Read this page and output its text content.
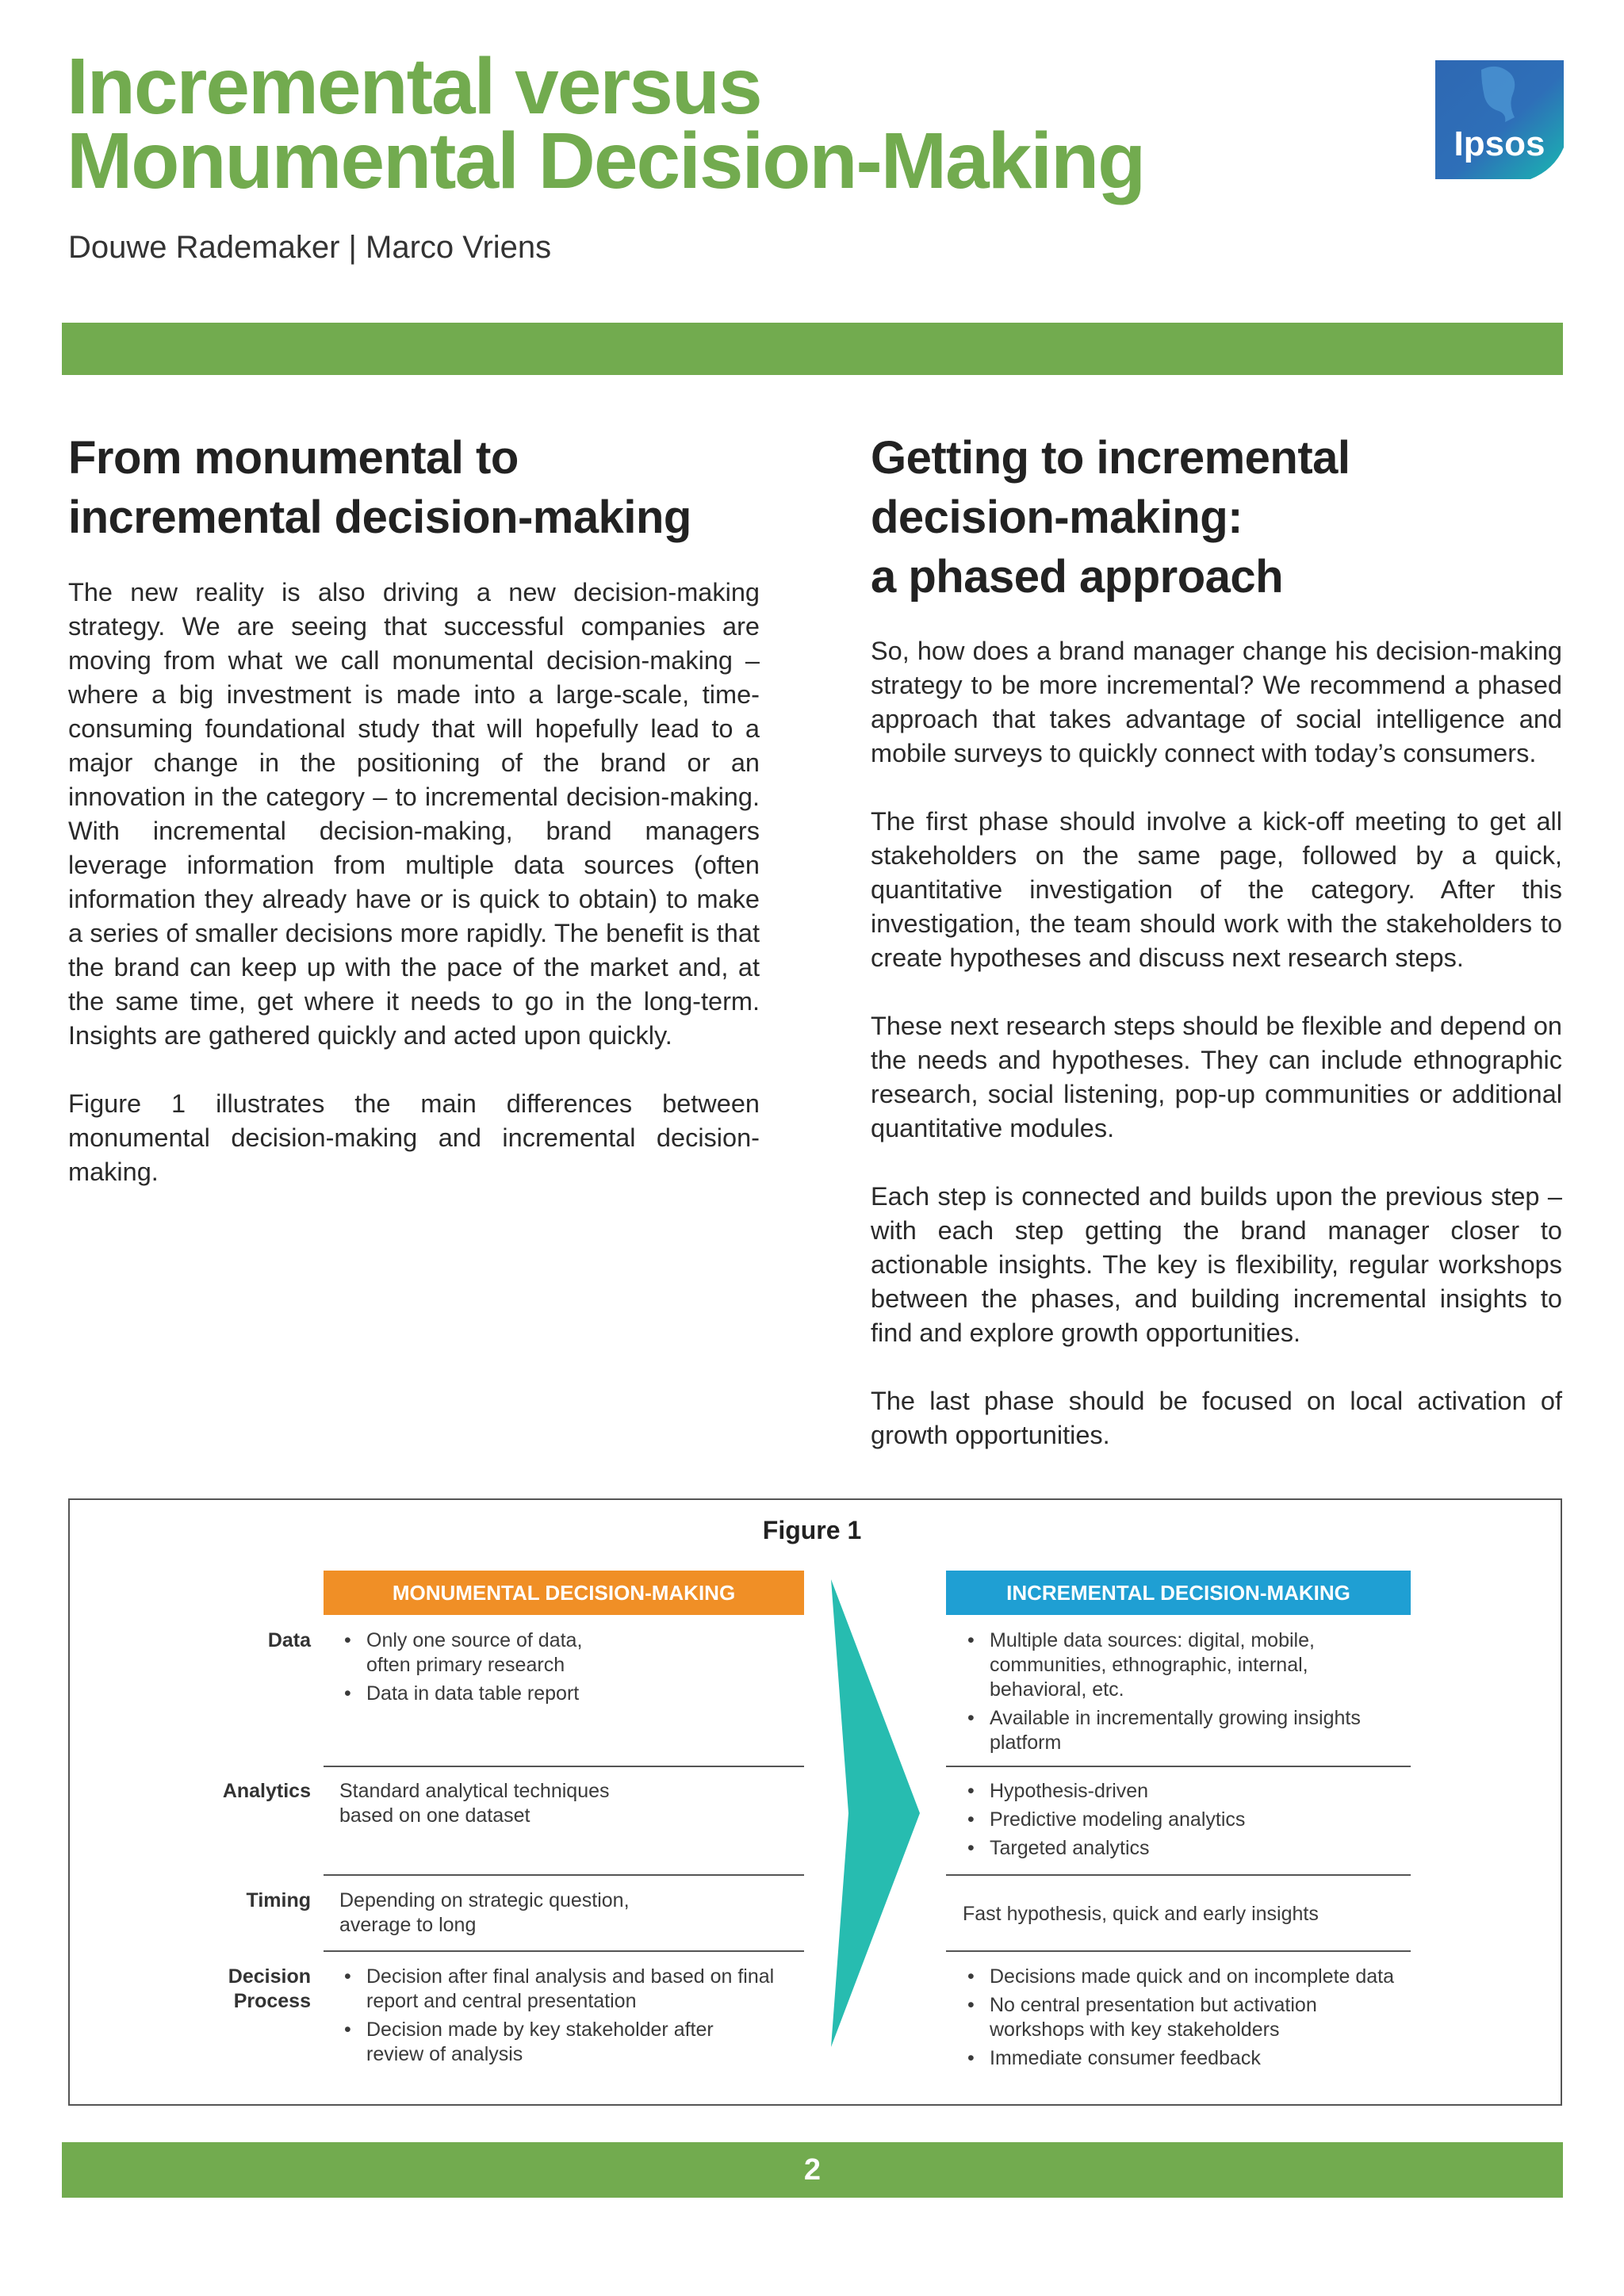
Incremental versus
Monumental Decision-Making
Douwe Rademaker | Marco Vriens
Ipsos
From monumental to
incremental decision-making

The new reality is also driving a new decision-making strategy. We are seeing that successful companies are moving from what we call monumental decision-making – where a big investment is made into a large-scale, time-consuming foundational study that will hopefully lead to a major change in the positioning of the brand or an innovation in the category – to incremental decision-making. With incremental decision-making, brand managers leverage information from multiple data sources (often information they already have or is quick to obtain) to make a series of smaller decisions more rapidly. The benefit is that the brand can keep up with the pace of the market and, at the same time, get where it needs to go in the long-term. Insights are gathered quickly and acted upon quickly.

Figure 1 illustrates the main differences between monumental decision-making and incremental decision-making.

Getting to incremental
decision-making:
a phased approach

So, how does a brand manager change his decision-making strategy to be more incremental? We recommend a phased approach that takes advantage of social intelligence and mobile surveys to quickly connect with today’s consumers.

The first phase should involve a kick-off meeting to get all stakeholders on the same page, followed by a quick, quantitative investigation of the category. After this investigation, the team should work with the stakeholders to create hypotheses and discuss next research steps.

These next research steps should be flexible and depend on the needs and hypotheses. They can include ethnographic research, social listening, pop-up communities or additional quantitative modules.

Each step is connected and builds upon the previous step – with each step getting the brand manager closer to actionable insights. The key is flexibility, regular workshops between the phases, and building incremental insights to find and explore growth opportunities.

The last phase should be focused on local activation of growth opportunities.

Figure 1
MONUMENTAL DECISION-MAKING	INCREMENTAL DECISION-MAKING
Data
•	Only one source of data, often primary research
• Data in data table report
• Multiple data sources: digital, mobile, communities, ethnographic, internal, behavioral, etc.
• Available in incrementally growing insights platform
Analytics Standard analytical techniques based on one dataset
• Hypothesis-driven
• Predictive modeling analytics
• Targeted analytics
Timing Depending on strategic question, average to long	Fast hypothesis, quick and early insights
Decision
Process
• Decision after final analysis and based on final report and central presentation
• Decision made by key stakeholder after review of analysis
• Decisions made quick and on incomplete data
• No central presentation but activation workshops with key stakeholders
• Immediate consumer feedback
2
